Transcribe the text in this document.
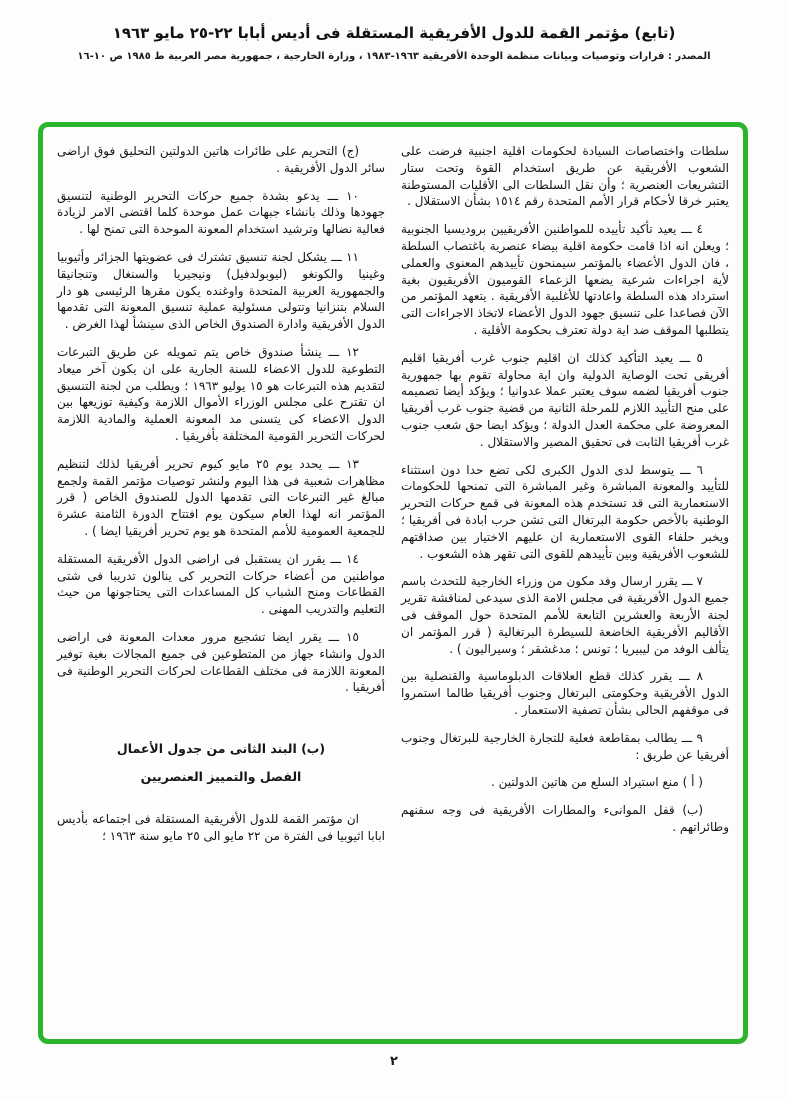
(تابع) مؤتمر القمة للدول الأفريقية المستقلة فى أديس أبابا ٢٢-٢٥ مايو ١٩٦٣
المصدر : قرارات وتوصيات وبيانات منظمة الوحدة الأفريقية ١٩٦٣-١٩٨٣ ، وزارة الخارجية ، جمهورية مصر العربية ط ١٩٨٥ ص ١٠-١٦

سلطات واختصاصات السيادة لحكومات اقلية اجنبية فرضت على الشعوب الأفريقية عن طريق استخدام القوة وتحت ستار التشريعات العنصرية ؛ وأن نقل السلطات الى الأقليات المستوطنة يعتبر خرقا لأحكام قرار الأمم المتحدة رقم ١٥١٤ بشأن الاستقلال .

٤ ـــ يعيد تأكيد تأييده للمواطنين الأفريقيين بروديسيا الجنوبية ؛ ويعلن انه اذا قامت حكومة اقلية بيضاء عنصرية باغتصاب السلطة ، فان الدول الأعضاء بالمؤتمر سيمنحون تأييدهم المعنوى والعملى لأية اجراءات شرعية يضعها الزعماء القوميون الأفريقيون بغية استرداد هذه السلطة واعادتها للأغلبية الأفريقية . يتعهد المؤتمر من الآن فصاعدا على تنسيق جهود الدول الأعضاء لاتخاذ الاجراءات التى يتطلبها الموقف ضد اية دولة تعترف بحكومة الأقلية .

٥ ـــ يعيد التأكيد كذلك ان اقليم جنوب غرب أفريقيا اقليم أفريقى تحت الوصاية الدولية وان اية محاولة تقوم بها جمهورية جنوب أفريقيا لضمه سوف يعتبر عملا عدوانيا ؛ ويؤكد أيضا تصميمه على منح التأييد اللازم للمرحلة الثانية من قضية جنوب غرب أفريقيا المعروضة على محكمة العدل الدولة ؛ ويؤكد ايضا حق شعب جنوب غرب أفريقيا الثابت فى تحقيق المصير والاستقلال .

٦ ـــ يتوسط لدى الدول الكبرى لكى تضع حدا دون استثناء للتأييد والمعونة المباشرة وغير المباشرة التى تمنحها للحكومات الاستعمارية التى قد تستخدم هذه المعونة فى قمع حركات التحرير الوطنية بالأخص حكومة البرتغال التى تشن حرب ابادة فى أفريقيا ؛ ويخبر حلفاء القوى الاستعمارية ان عليهم الاختيار بين صداقتهم للشعوب الأفريقية وبين تأييدهم للقوى التى تقهر هذه الشعوب .

٧ ـــ يقرر ارسال وفد مكون من وزراء الخارجية للتحدث باسم جميع الدول الأفريقية فى مجلس الامة الذى سيدعى لمناقشة تقرير لجنة الأربعة والعشرين التابعة للأمم المتحدة حول الموقف فى الأقاليم الأفريقية الخاضعة للسيطرة البرتغالية ( قرر المؤتمر ان يتألف الوفد من ليبيريا ؛ تونس ؛ مدغشقر ؛ وسيراليون ) .

٨ ـــ يقرر كذلك قطع العلاقات الدبلوماسية والقنصلية بين الدول الأفريقية وحكومتى البرتغال وجنوب أفريقيا طالما استمروا فى موقفهم الحالى بشأن تصفية الاستعمار .

٩ ـــ يطالب بمقاطعة فعلية للتجارة الخارجية للبرتغال وجنوب أفريقيا عن طريق :

( أ ) منع استيراد السلع من هاتين الدولتين .

(ب) قفل الموانىء والمطارات الأفريقية فى وجه سفنهم وطائراتهم .

(ج) التحريم على طائرات هاتين الدولتين التحليق فوق اراضى سائر الدول الأفريقية .

١٠ ـــ يدعو بشدة جميع حركات التحرير الوطنية لتنسيق جهودها وذلك بانشاء جبهات عمل موحدة كلما اقتضى الامر لزيادة فعالية نضالها وترشيد استخدام المعونة الموحدة التى تمنح لها .

١١ ـــ يشكل لجنة تنسيق تشترك فى عضويتها الجزائر وأثيوبيا وغينيا والكونغو (ليوبولدفيل) ونيجيريا والسنغال وتنجانيقا والجمهورية العربية المتحدة واوغنده يكون مقرها الرئيسى هو دار السلام بتنزانيا وتتولى مسئولية عملية تنسيق المعونة التى تقدمها الدول الأفريقية وادارة الصندوق الخاص الذى سينشأ لهذا الغرض .

١٢ ـــ ينشأ صندوق خاص يتم تمويله عن طريق التبرعات التطوعية للدول الاعضاء للسنة الجارية على ان يكون آخر ميعاد لتقديم هذه التبرعات هو ١٥ يوليو ١٩٦٣ ؛ ويطلب من لجنة التنسيق ان تقترح على مجلس الوزراء الأموال اللازمة وكيفية توزيعها بين الدول الاعضاء كى يتسنى مد المعونة العملية والمادية اللازمة لحركات التحرير القومية المختلفة بأفريقيا .

١٣ ـــ يحدد يوم ٢٥ مايو كيوم تحرير أفريقيا لذلك لتنظيم مظاهرات شعبية فى هذا اليوم ولنشر توصيات مؤتمر القمة ولجمع مبالغ غير التبرعات التى تقدمها الدول للصندوق الخاص ( قرر المؤتمر انه لهذا العام سيكون يوم افتتاح الدورة الثامنة عشرة للجمعية العمومية للأمم المتحدة هو يوم تحرير أفريقيا ايضا ) .

١٤ ـــ يقرر ان يستقبل فى اراضى الدول الأفريقية المستقلة مواطنين من أعضاء حركات التحرير كى ينالون تدريبا فى شتى القطاعات ومنح الشباب كل المساعدات التى يحتاجونها من حيث التعليم والتدريب المهنى .

١٥ ـــ يقرر ايضا تشجيع مرور معدات المعونة فى اراضى الدول وانشاء جهاز من المتطوعين فى جميع المجالات بغية توفير المعونة اللازمة فى مختلف القطاعات لحركات التحرير الوطنية فى أفريقيا .

(ب) البند الثانى من جدول الأعمال
الفصل والتمييز العنصريين

ان مؤتمر القمة للدول الأفريقية المستقلة فى اجتماعه بأديس ابابا اثيوبيا فى الفترة من ٢٢ مايو الى ٢٥ مايو سنة ١٩٦٣ ؛

٢
